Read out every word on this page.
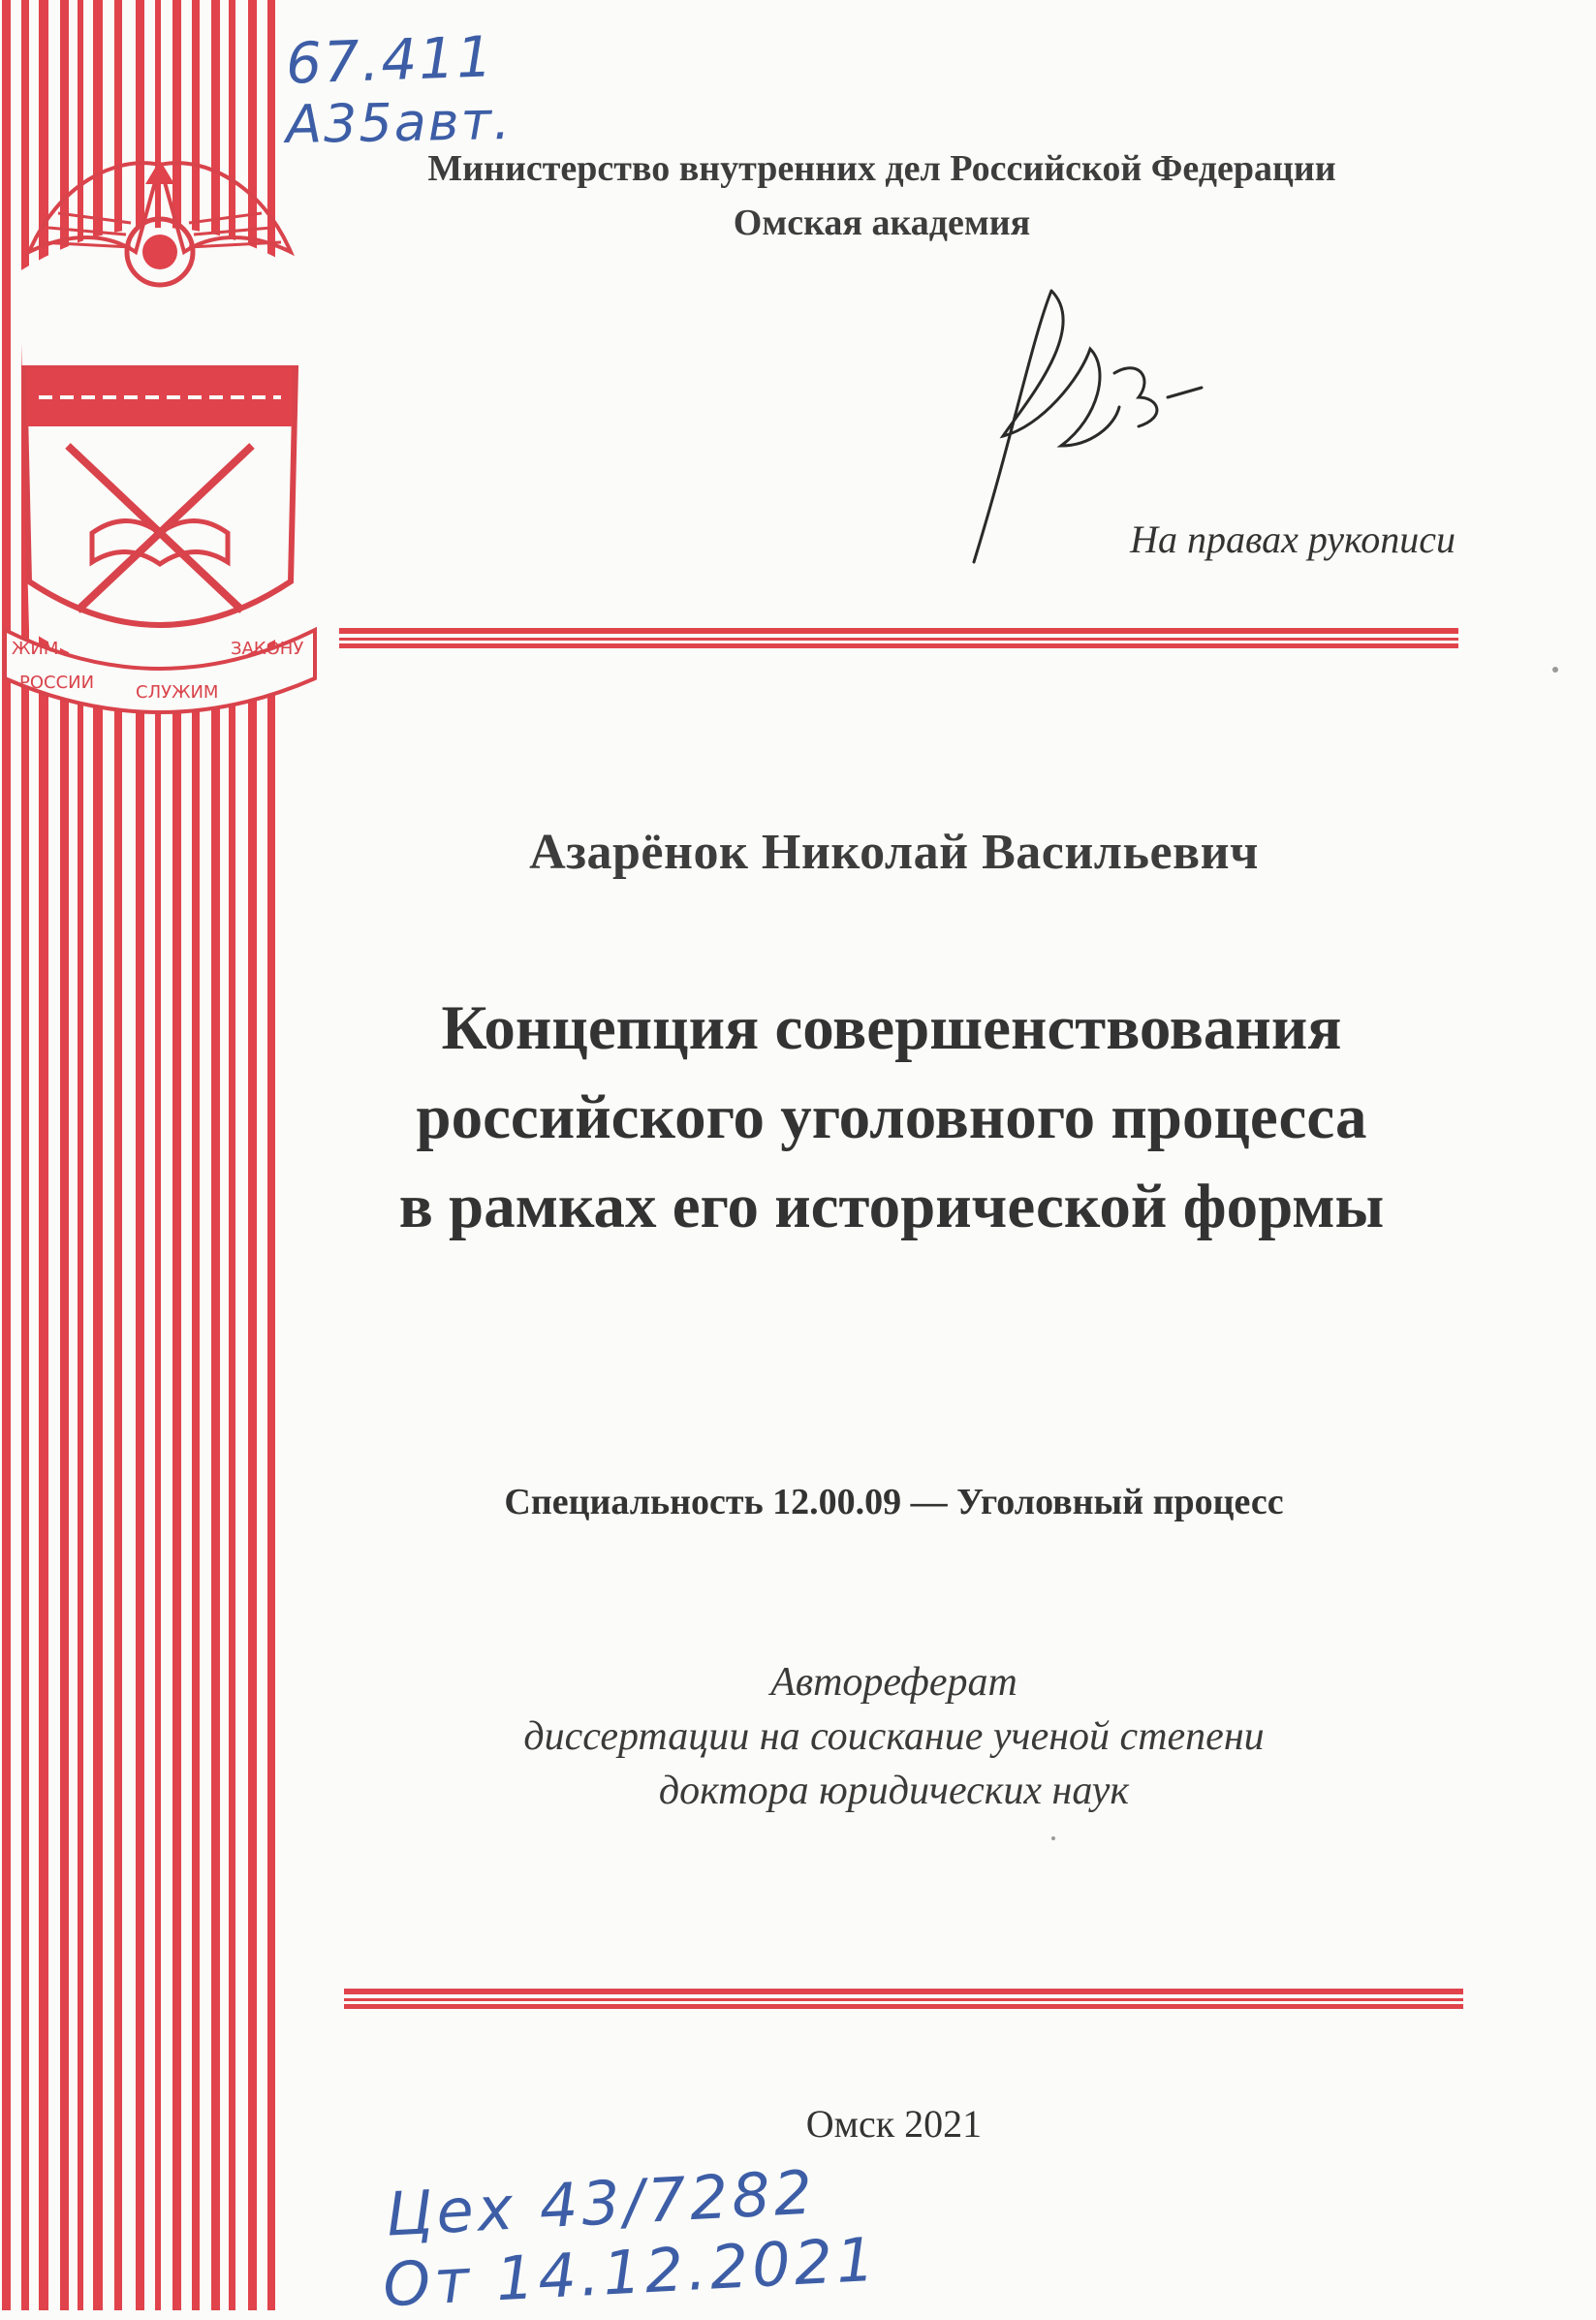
ЖИМ	ЗАКОНУ
РОССИИ СЛУЖИМ
67.411
А35авт.
Министерство внутренних дел Российской Федерации
Омская академия
На правах рукописи
Азарёнок Николай Васильевич
Концепция совершенствования
российского уголовного процесса
в рамках его исторической формы
Специальность 12.00.09 — Уголовный процесс
Автореферат
диссертации на соискание ученой степени
доктора юридических наук
Омск 2021
Цех 43/7282
От 14.12.2021
